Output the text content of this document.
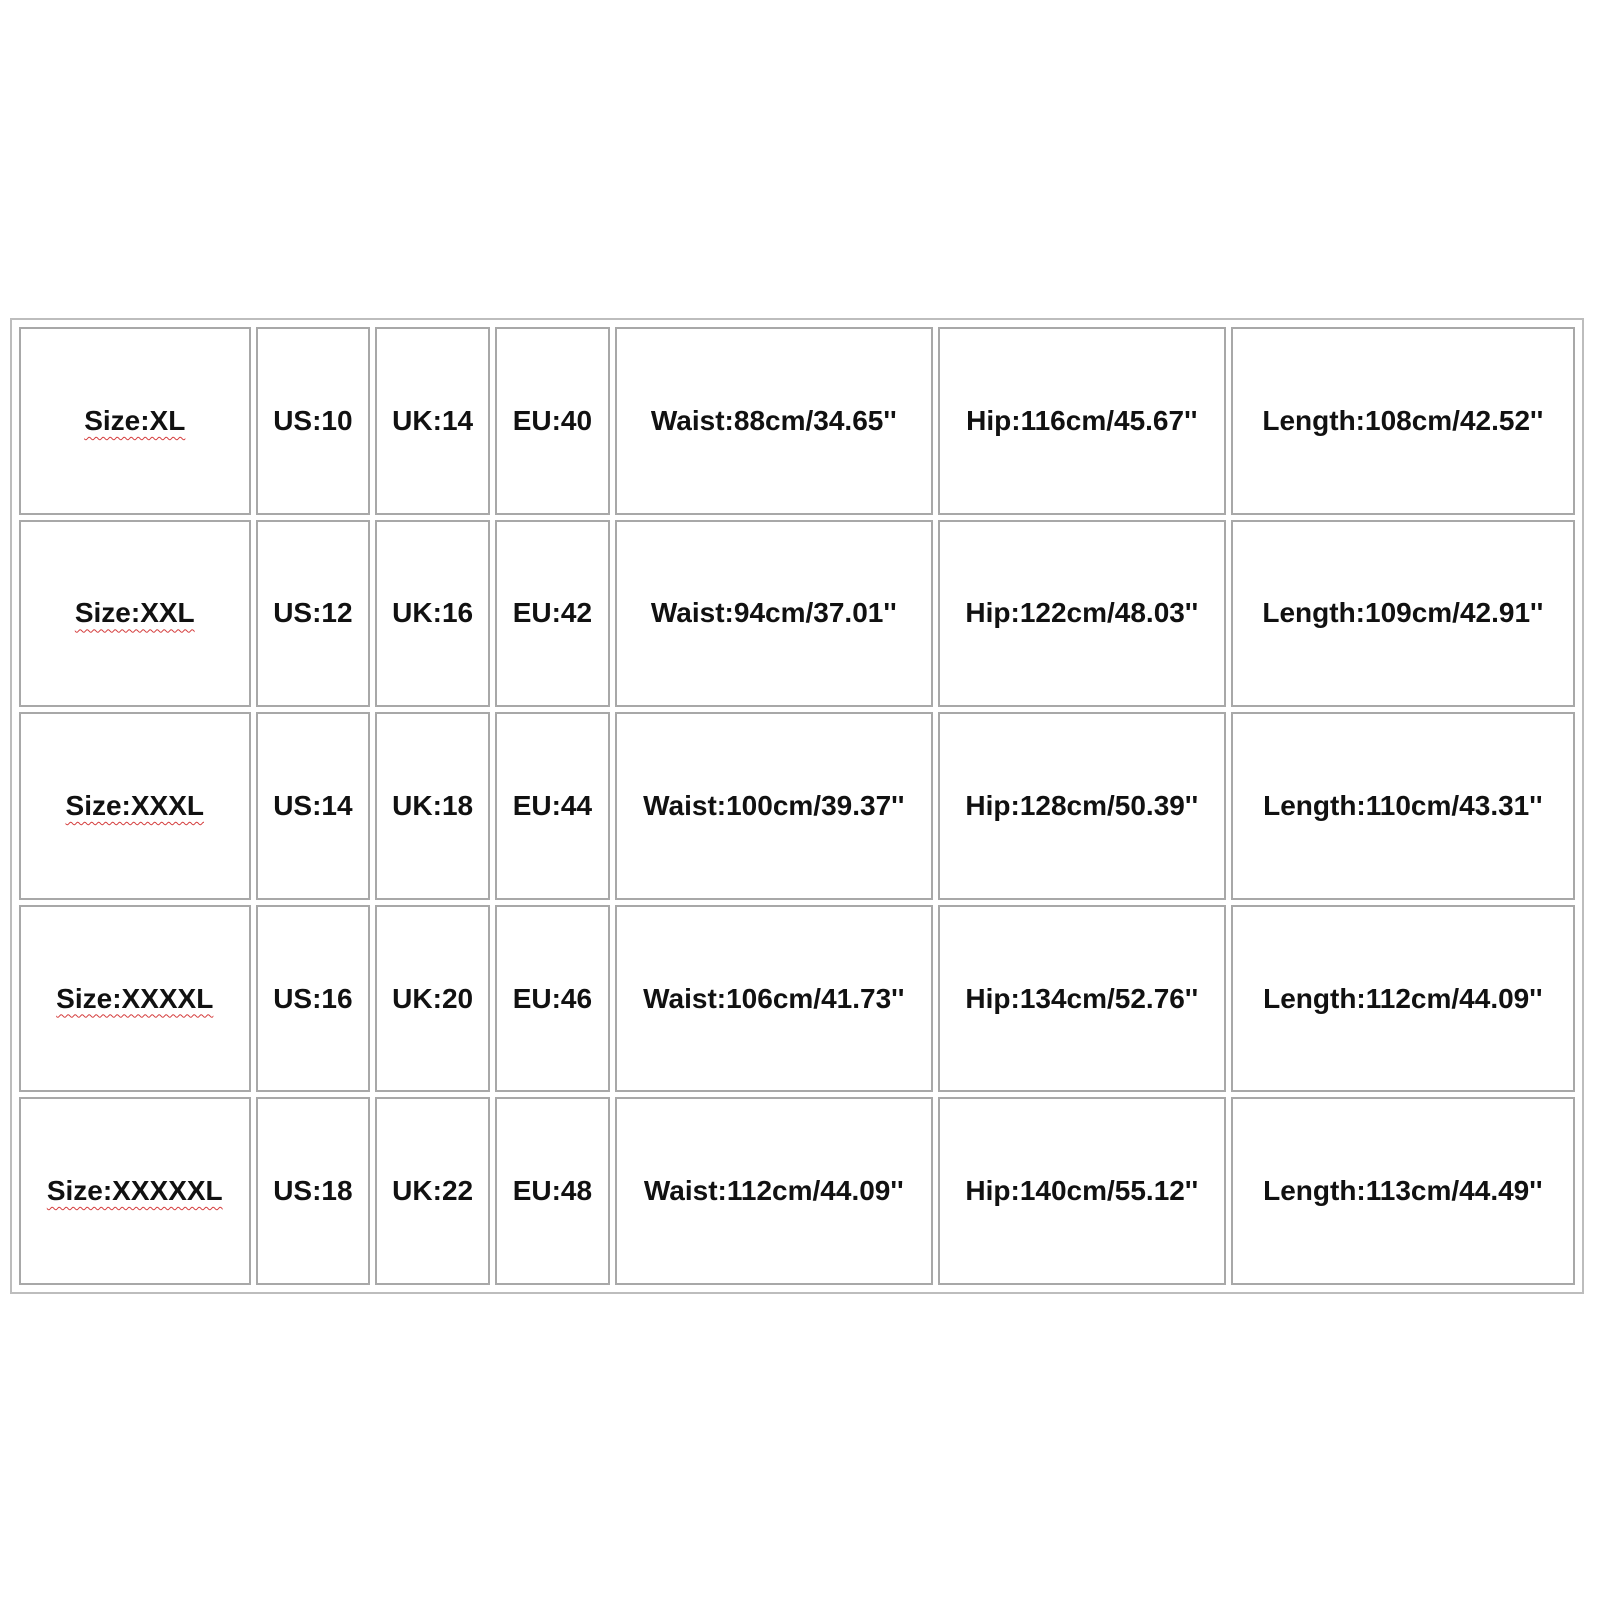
Size:XL	US:10	UK:14	EU:40	Waist:88cm/34.65''	Hip:116cm/45.67''	Length:108cm/42.52''
Size:XXL	US:12	UK:16	EU:42	Waist:94cm/37.01''	Hip:122cm/48.03''	Length:109cm/42.91''
Size:XXXL	US:14	UK:18	EU:44	Waist:100cm/39.37''	Hip:128cm/50.39''	Length:110cm/43.31''
Size:XXXXL	US:16	UK:20	EU:46	Waist:106cm/41.73''	Hip:134cm/52.76''	Length:112cm/44.09''
Size:XXXXXL	US:18	UK:22	EU:48	Waist:112cm/44.09''	Hip:140cm/55.12''	Length:113cm/44.49''
